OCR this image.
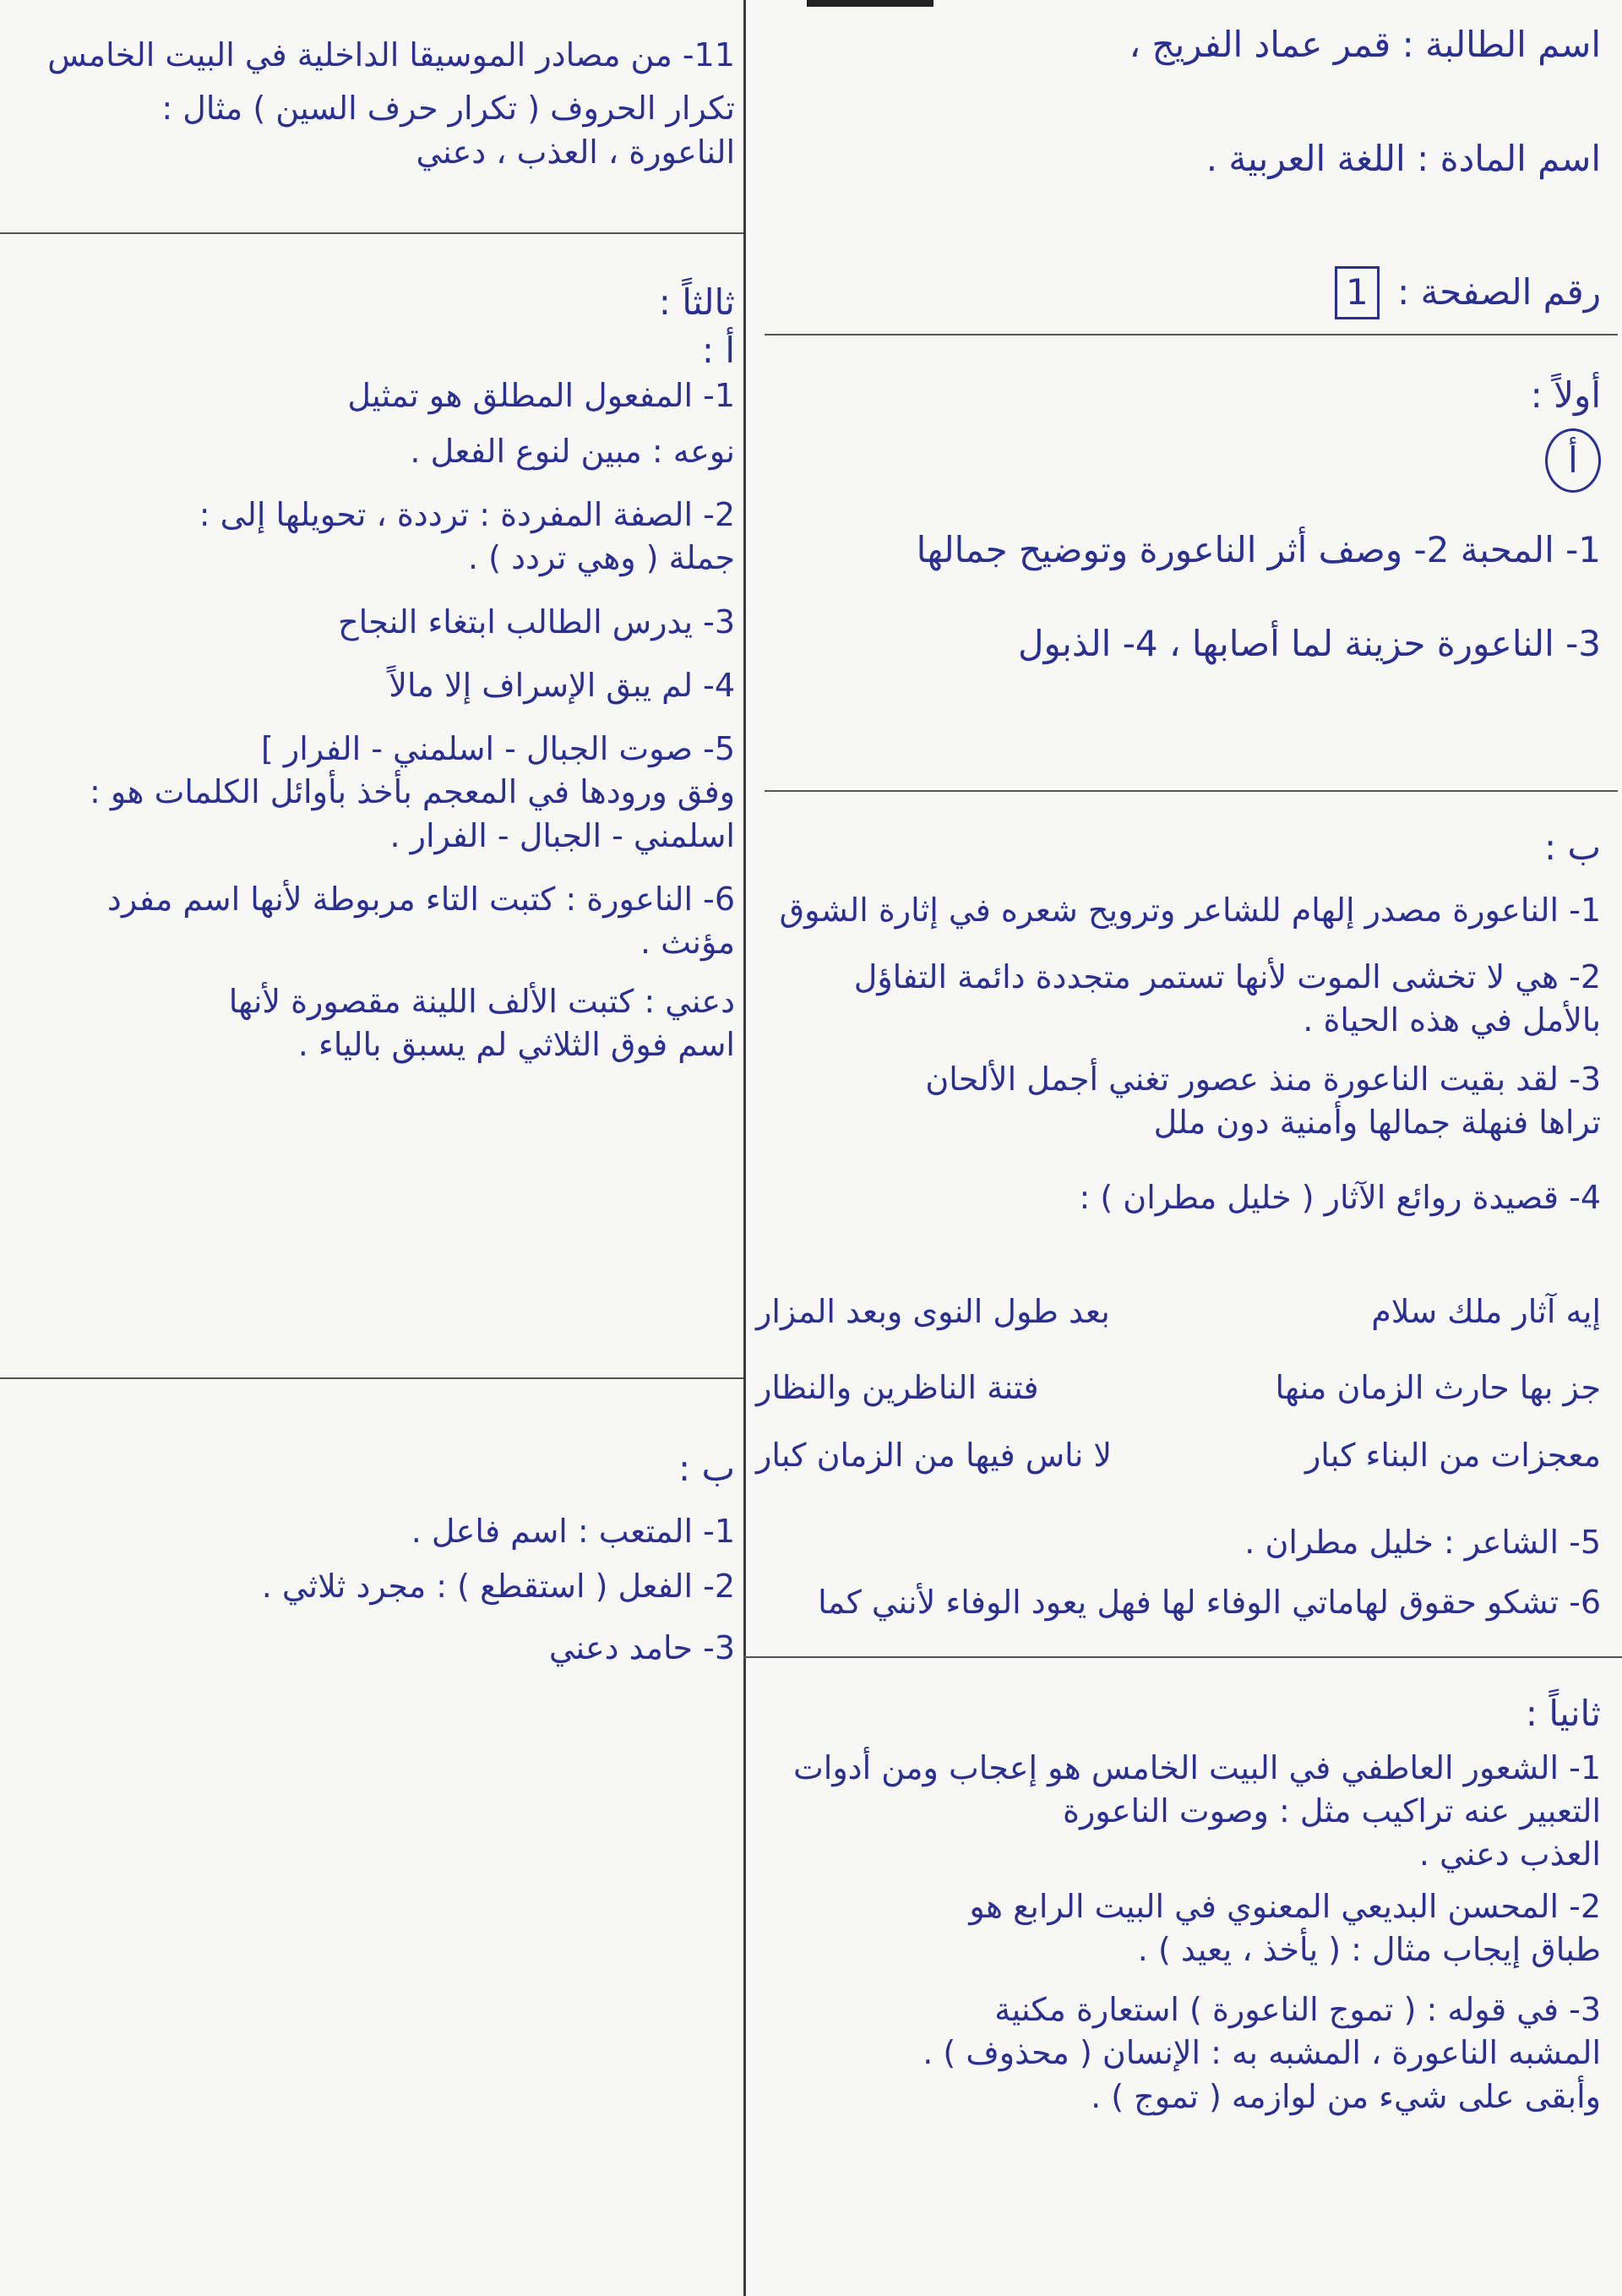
اسم الطالبة : قمر عماد الفريج ،

اسم المادة : اللغة العربية .

رقم الصفحة : 1

أولاً :

أ

1- المحبة 2- وصف أثر الناعورة وتوضيح جمالها

3- الناعورة حزينة لما أصابها ، 4- الذبول

ب :

1- الناعورة مصدر إلهام للشاعر وترويح شعره في إثارة الشوق

2- هي لا تخشى الموت لأنها تستمر متجددة دائمة التفاؤل

بالأمل في هذه الحياة .

3- لقد بقيت الناعورة منذ عصور تغني أجمل الألحان

تراها فنهلة جمالها وأمنية دون ملل

4- قصيدة روائع الآثار ( خليل مطران ) :

إيه آثار ملك سلام
بعد طول النوى وبعد المزار
جز بها حارث الزمان منها
فتنة الناظرين والنظار
معجزات من البناء كبار
لا ناس فيها من الزمان كبار

5- الشاعر : خليل مطران .

6- تشكو حقوق لهاماتي الوفاء لها فهل يعود الوفاء لأنني كما

ثانياً :

1- الشعور العاطفي في البيت الخامس هو إعجاب ومن أدوات

التعبير عنه تراكيب مثل : وصوت الناعورة

العذب دعني .

2- المحسن البديعي المعنوي في البيت الرابع هو

طباق إيجاب مثال : ( يأخذ ، يعيد ) .

3- في قوله : ( تموج الناعورة ) استعارة مكنية

المشبه الناعورة ، المشبه به : الإنسان ( محذوف ) .

وأبقى على شيء من لوازمه ( تموج ) .

11- من مصادر الموسيقا الداخلية في البيت الخامس

تكرار الحروف ( تكرار حرف السين ) مثال :

الناعورة ، العذب ، دعني

ثالثاً :

أ :

1- المفعول المطلق هو تمثيل

نوعه : مبين لنوع الفعل .

2- الصفة المفردة : ترددة ، تحويلها إلى :

جملة ( وهي تردد ) .

3- يدرس الطالب ابتغاء النجاح

4- لم يبق الإسراف إلا مالاً

5- صوت الجبال - اسلمني - الفرار ]

وفق ورودها في المعجم بأخذ بأوائل الكلمات هو :

اسلمني - الجبال - الفرار .

6- الناعورة : كتبت التاء مربوطة لأنها اسم مفرد

مؤنث .

دعني : كتبت الألف اللينة مقصورة لأنها

اسم فوق الثلاثي لم يسبق بالياء .

ب :

1- المتعب : اسم فاعل .

2- الفعل ( استقطع ) : مجرد ثلاثي .

3- حامد دعني
